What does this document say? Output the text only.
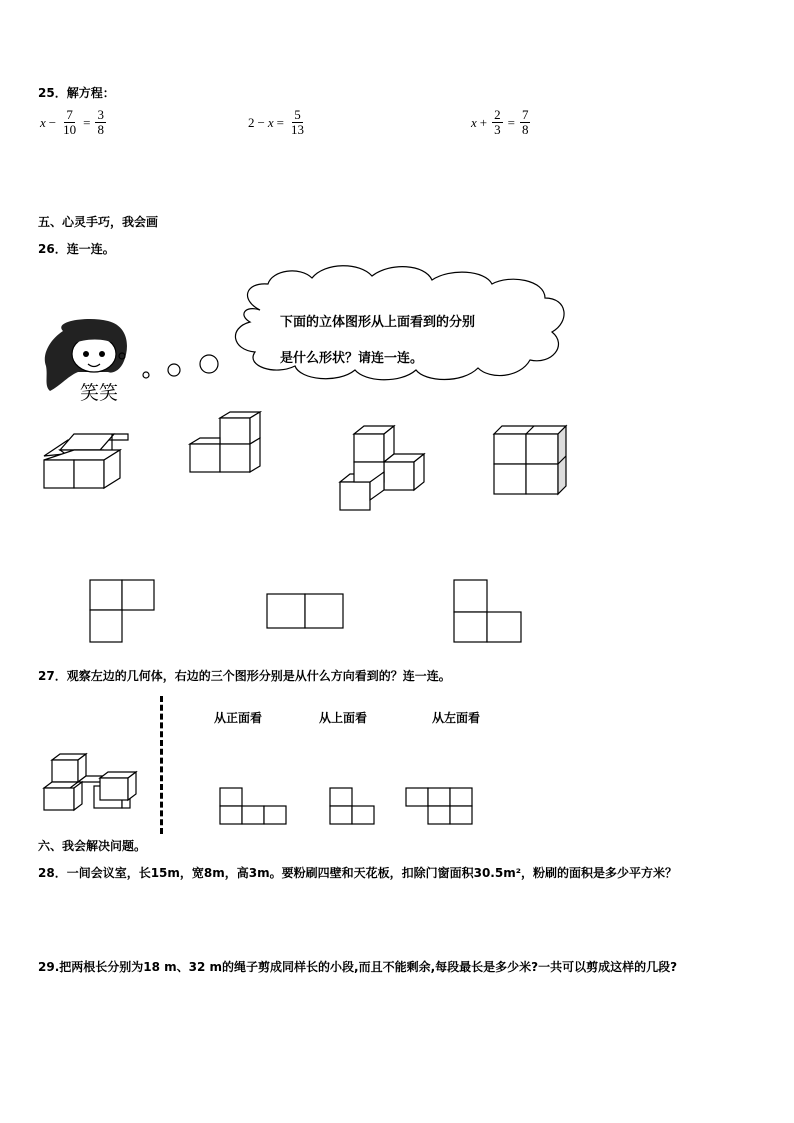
25．解方程：
$x - \frac{7}{10} = \frac{3}{8}$	$2 - x = \frac{5}{13}$	$x + \frac{2}{3} = \frac{7}{8}$
五、心灵手巧，我会画
26．连一连。
下面的立体图形从上面看到的分别
是什么形状？请连一连。
笑笑
27．观察左边的几何体，右边的三个图形分别是从什么方向看到的？连一连。
从正面看	从上面看	从左面看
六、我会解决问题。
28．一间会议室，长15m，宽8m，高3m。要粉刷四壁和天花板，扣除门窗面积30.5m²，粉刷的面积是多少平方米？
29.把两根长分别为18 m、32 m的绳子剪成同样长的小段,而且不能剩余,每段最长是多少米?一共可以剪成这样的几段?
